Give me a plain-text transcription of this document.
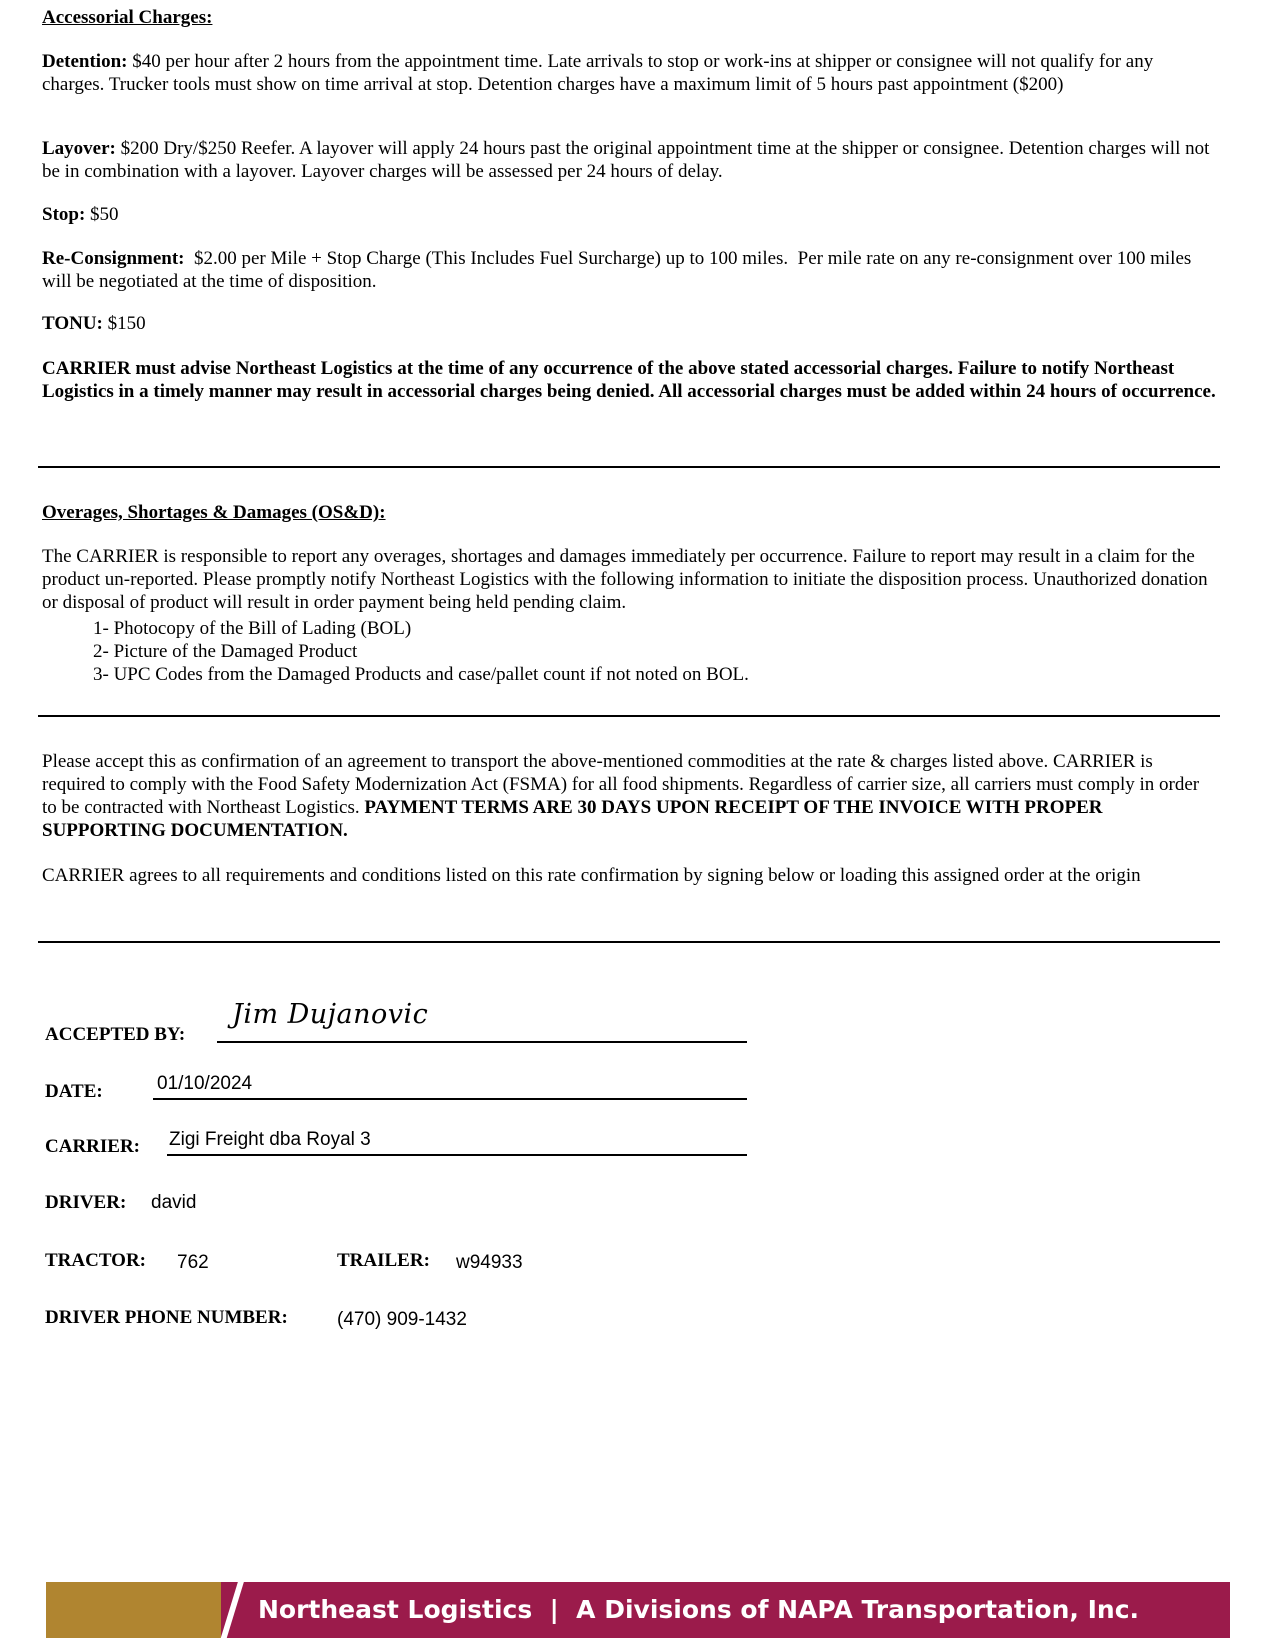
Accessorial Charges:

Detention: $40 per hour after 2 hours from the appointment time. Late arrivals to stop or work-ins at shipper or consignee will not qualify for any charges. Trucker tools must show on time arrival at stop. Detention charges have a maximum limit of 5 hours past appointment ($200)

Layover: $200 Dry/$250 Reefer. A layover will apply 24 hours past the original appointment time at the shipper or consignee. Detention charges will not be in combination with a layover. Layover charges will be assessed per 24 hours of delay.

Stop: $50

Re-Consignment:  $2.00 per Mile + Stop Charge (This Includes Fuel Surcharge) up to 100 miles.  Per mile rate on any re-consignment over 100 miles will be negotiated at the time of disposition.

TONU: $150

CARRIER must advise Northeast Logistics at the time of any occurrence of the above stated accessorial charges. Failure to notify Northeast Logistics in a timely manner may result in accessorial charges being denied. All accessorial charges must be added within 24 hours of occurrence.

Overages, Shortages & Damages (OS&D):

The CARRIER is responsible to report any overages, shortages and damages immediately per occurrence. Failure to report may result in a claim for the product un-reported. Please promptly notify Northeast Logistics with the following information to initiate the disposition process. Unauthorized donation or disposal of product will result in order payment being held pending claim.

1- Photocopy of the Bill of Lading (BOL)
2- Picture of the Damaged Product
3- UPC Codes from the Damaged Products and case/pallet count if not noted on BOL.

Please accept this as confirmation of an agreement to transport the above-mentioned commodities at the rate & charges listed above. CARRIER is required to comply with the Food Safety Modernization Act (FSMA) for all food shipments. Regardless of carrier size, all carriers must comply in order to be contracted with Northeast Logistics. PAYMENT TERMS ARE 30 DAYS UPON RECEIPT OF THE INVOICE WITH PROPER SUPPORTING DOCUMENTATION.

CARRIER agrees to all requirements and conditions listed on this rate confirmation by signing below or loading this assigned order at the origin

ACCEPTED BY:
Jim Dujanovic
DATE:	01/10/2024
CARRIER: Zigi Freight dba Royal 3
DRIVER: david
TRACTOR: 762	TRAILER: w94933
DRIVER PHONE NUMBER:	(470) 909-1432
Northeast Logistics  |  A Divisions of NAPA Transportation, Inc.
